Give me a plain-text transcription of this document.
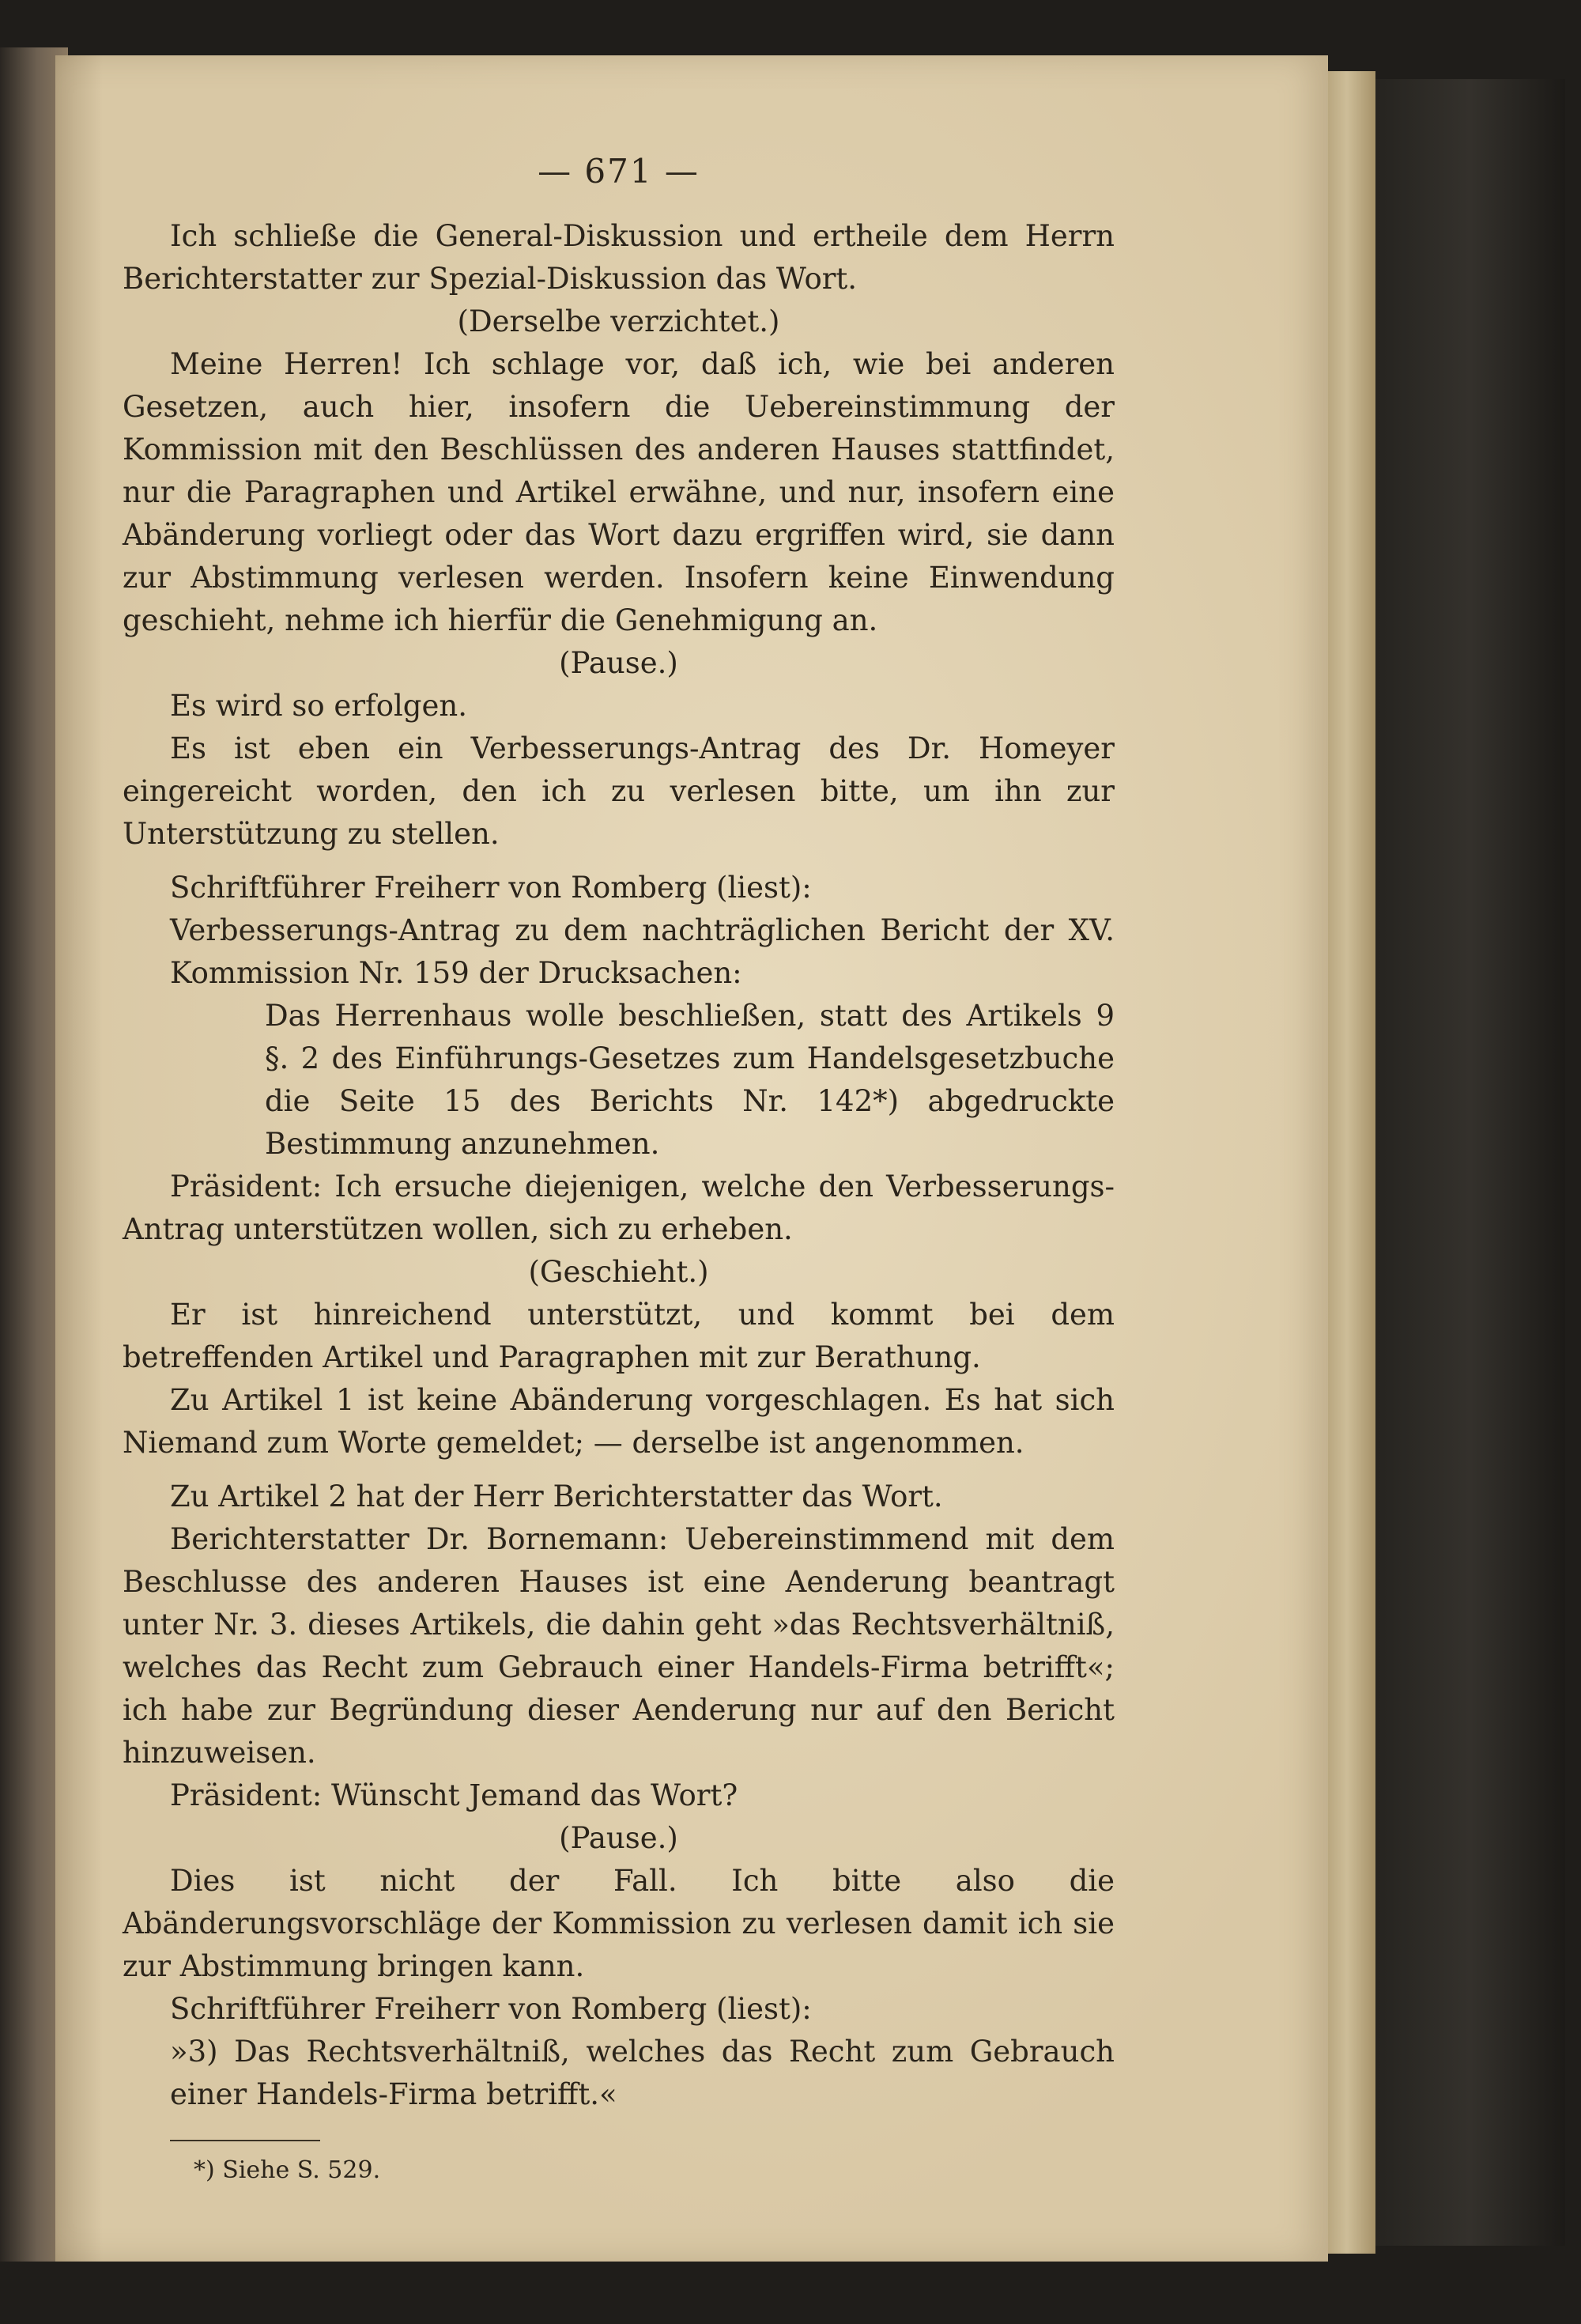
— 671 —

Ich schließe die General-Diskussion und ertheile dem Herrn Berichterstatter zur Spezial-Diskussion das Wort.

(Derselbe verzichtet.)

Meine Herren! Ich schlage vor, daß ich, wie bei anderen Gesetzen, auch hier, insofern die Uebereinstimmung der Kommission mit den Beschlüssen des anderen Hauses stattfindet, nur die Paragraphen und Artikel erwähne, und nur, insofern eine Abänderung vorliegt oder das Wort dazu ergriffen wird, sie dann zur Abstimmung verlesen werden. Insofern keine Einwendung geschieht, nehme ich hierfür die Genehmigung an.

(Pause.)

Es wird so erfolgen.

Es ist eben ein Verbesserungs-Antrag des Dr. Homeyer eingereicht worden, den ich zu verlesen bitte, um ihn zur Unterstützung zu stellen.

Schriftführer Freiherr von Romberg (liest):

Verbesserungs-Antrag zu dem nachträglichen Bericht der XV. Kommission Nr. 159 der Drucksachen:

Das Herrenhaus wolle beschließen, statt des Artikels 9 §. 2 des Einführungs-Gesetzes zum Handelsgesetzbuche die Seite 15 des Berichts Nr. 142*) abgedruckte Bestimmung anzunehmen.

Präsident: Ich ersuche diejenigen, welche den Verbesserungs-Antrag unterstützen wollen, sich zu erheben.

(Geschieht.)

Er ist hinreichend unterstützt, und kommt bei dem betreffenden Artikel und Paragraphen mit zur Berathung.

Zu Artikel 1 ist keine Abänderung vorgeschlagen. Es hat sich Niemand zum Worte gemeldet; — derselbe ist angenommen.

Zu Artikel 2 hat der Herr Berichterstatter das Wort.

Berichterstatter Dr. Bornemann: Uebereinstimmend mit dem Beschlusse des anderen Hauses ist eine Aenderung beantragt unter Nr. 3. dieses Artikels, die dahin geht »das Rechtsverhältniß, welches das Recht zum Gebrauch einer Handels-Firma betrifft«; ich habe zur Begründung dieser Aenderung nur auf den Bericht hinzuweisen.

Präsident: Wünscht Jemand das Wort?

(Pause.)

Dies ist nicht der Fall. Ich bitte also die Abänderungsvorschläge der Kommission zu verlesen damit ich sie zur Abstimmung bringen kann.

Schriftführer Freiherr von Romberg (liest):

»3) Das Rechtsverhältniß, welches das Recht zum Gebrauch einer Handels-Firma betrifft.«

*) Siehe S. 529.
